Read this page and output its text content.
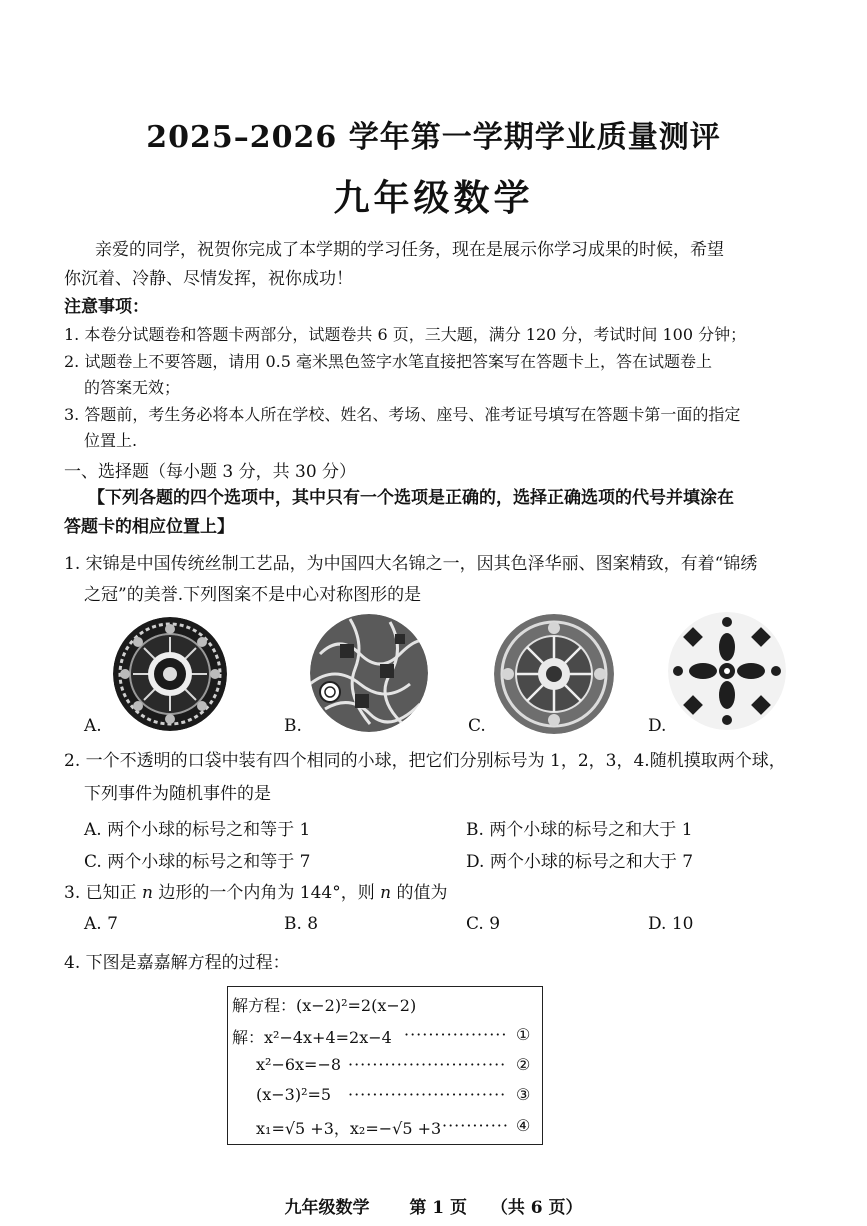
2025–2026 学年第一学期学业质量测评
九年级数学
亲爱的同学，祝贺你完成了本学期的学习任务，现在是展示你学习成果的时候，希望
你沉着、冷静、尽情发挥，祝你成功！
注意事项：
1. 本卷分试题卷和答题卡两部分，试题卷共 6 页，三大题，满分 120 分，考试时间 100 分钟；
2. 试题卷上不要答题，请用 0.5 毫米黑色签字水笔直接把答案写在答题卡上，答在试题卷上
的答案无效；
3. 答题前，考生务必将本人所在学校、姓名、考场、座号、准考证号填写在答题卡第一面的指定
位置上.
一、选择题（每小题 3 分，共 30 分）
【下列各题的四个选项中，其中只有一个选项是正确的，选择正确选项的代号并填涂在
答题卡的相应位置上】
1. 宋锦是中国传统丝制工艺品，为中国四大名锦之一，因其色泽华丽、图案精致，有着“锦绣
之冠”的美誉.下列图案不是中心对称图形的是
A.	B.	C.	D.
2. 一个不透明的口袋中装有四个相同的小球，把它们分别标号为 1，2，3，4.随机摸取两个球，
下列事件为随机事件的是
A. 两个小球的标号之和等于 1	B. 两个小球的标号之和大于 1
C. 两个小球的标号之和等于 7	D. 两个小球的标号之和大于 7
3. 已知正 n 边形的一个内角为 144°，则 n 的值为
A. 7	B. 8	C. 9	D. 10
4. 下图是嘉嘉解方程的过程：
解方程：(x−2)²=2(x−2)
解：x²−4x+4=2x−4 ················· ①
x²−6x=−8 ·························· ②
(x−3)²=5 ·························· ③
x₁=√5 +3，x₂=−√5 +3 ··········· ④
九年级数学 第 1 页 （共 6 页）
